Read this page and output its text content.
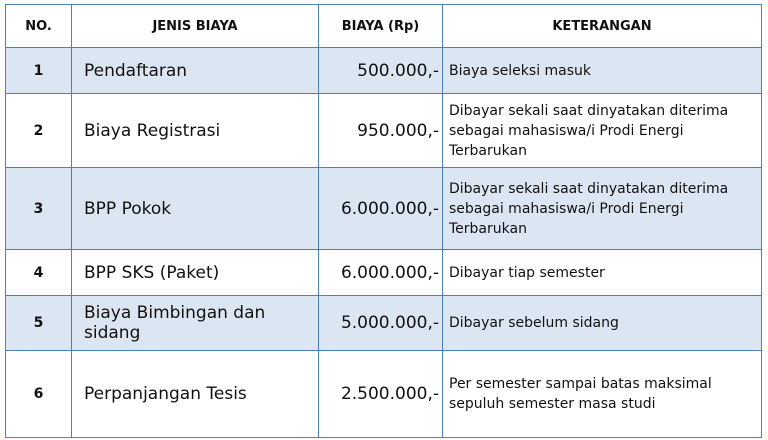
NO.	JENIS BIAYA	BIAYA (Rp)	KETERANGAN
1	Pendaftaran	500.000,-	Biaya seleksi masuk

2	Biaya Registrasi	950.000,-	Dibayar sekali saat dinyatakan diterima
sebagai mahasiswa/i Prodi Energi
Terbarukan

3	BPP Pokok	6.000.000,-	Dibayar sekali saat dinyatakan diterima
sebagai mahasiswa/i Prodi Energi
Terbarukan

4	BPP SKS (Paket)	6.000.000,-	Dibayar tiap semester

5	Biaya Bimbingan dan sidang	5.000.000,-	Dibayar sebelum sidang

6	Perpanjangan Tesis	2.500.000,-	Per semester sampai batas maksimal
sepuluh semester masa studi
